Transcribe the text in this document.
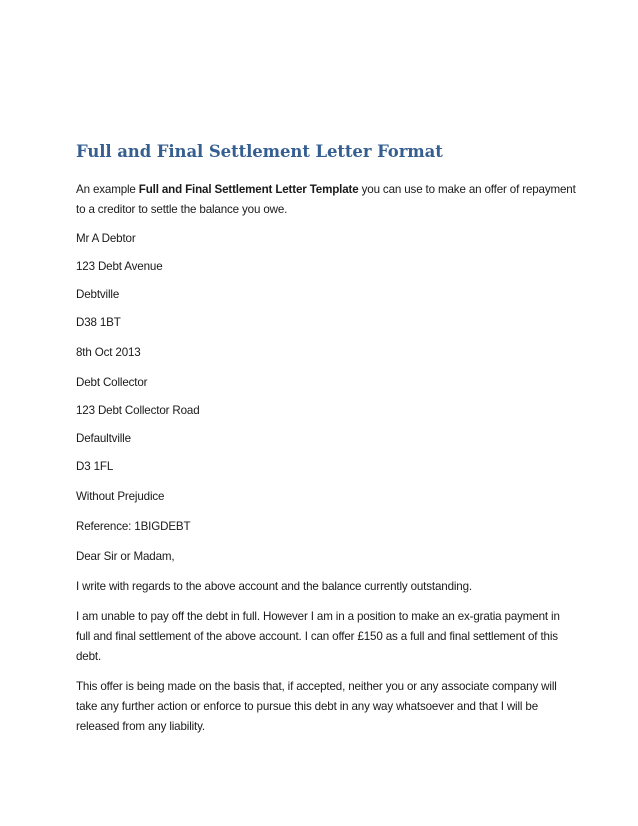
Full and Final Settlement Letter Format

An example Full and Final Settlement Letter Template you can use to make an offer of repayment to a creditor to settle the balance you owe.

Mr A Debtor

123 Debt Avenue

Debtville

D38 1BT

8th Oct 2013

Debt Collector

123 Debt Collector Road

Defaultville

D3 1FL

Without Prejudice

Reference: 1BIGDEBT

Dear Sir or Madam,

I write with regards to the above account and the balance currently outstanding.

I am unable to pay off the debt in full. However I am in a position to make an ex-gratia payment in full and final settlement of the above account. I can offer £150 as a full and final settlement of this debt.

This offer is being made on the basis that, if accepted, neither you or any associate company will take any further action or enforce to pursue this debt in any way whatsoever and that I will be released from any liability.
